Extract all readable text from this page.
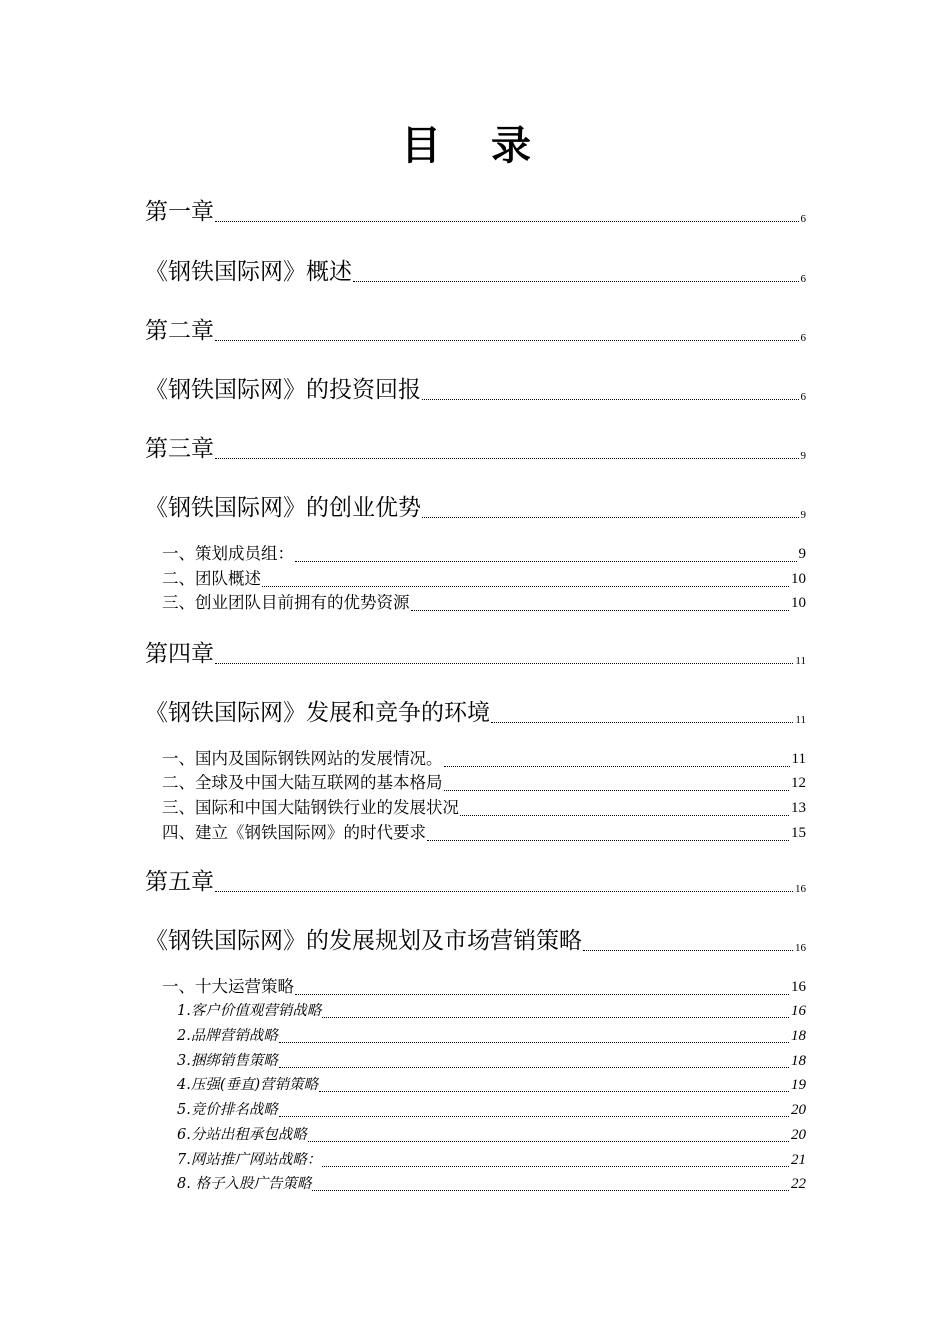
目 录
第一章	6
《钢铁国际网》概述	6
第二章	6
《钢铁国际网》的投资回报	6
第三章	9
《钢铁国际网》的创业优势	9
一、策划成员组：	9
二、团队概述	10
三、创业团队目前拥有的优势资源	10
第四章	11
《钢铁国际网》发展和竞争的环境	11
一、国内及国际钢铁网站的发展情况。	11
二、全球及中国大陆互联网的基本格局	12
三、国际和中国大陆钢铁行业的发展状况	13
四、建立《钢铁国际网》的时代要求	15
第五章	16
《钢铁国际网》的发展规划及市场营销策略	16
一、十大运营策略	16
1.客户价值观营销战略	16
2.品牌营销战略	18
3.捆绑销售策略	18
4.压强(垂直)营销策略	19
5.竞价排名战略	20
6.分站出租承包战略	20
7.网站推广网站战略：	21
8. 格子入股广告策略	22
